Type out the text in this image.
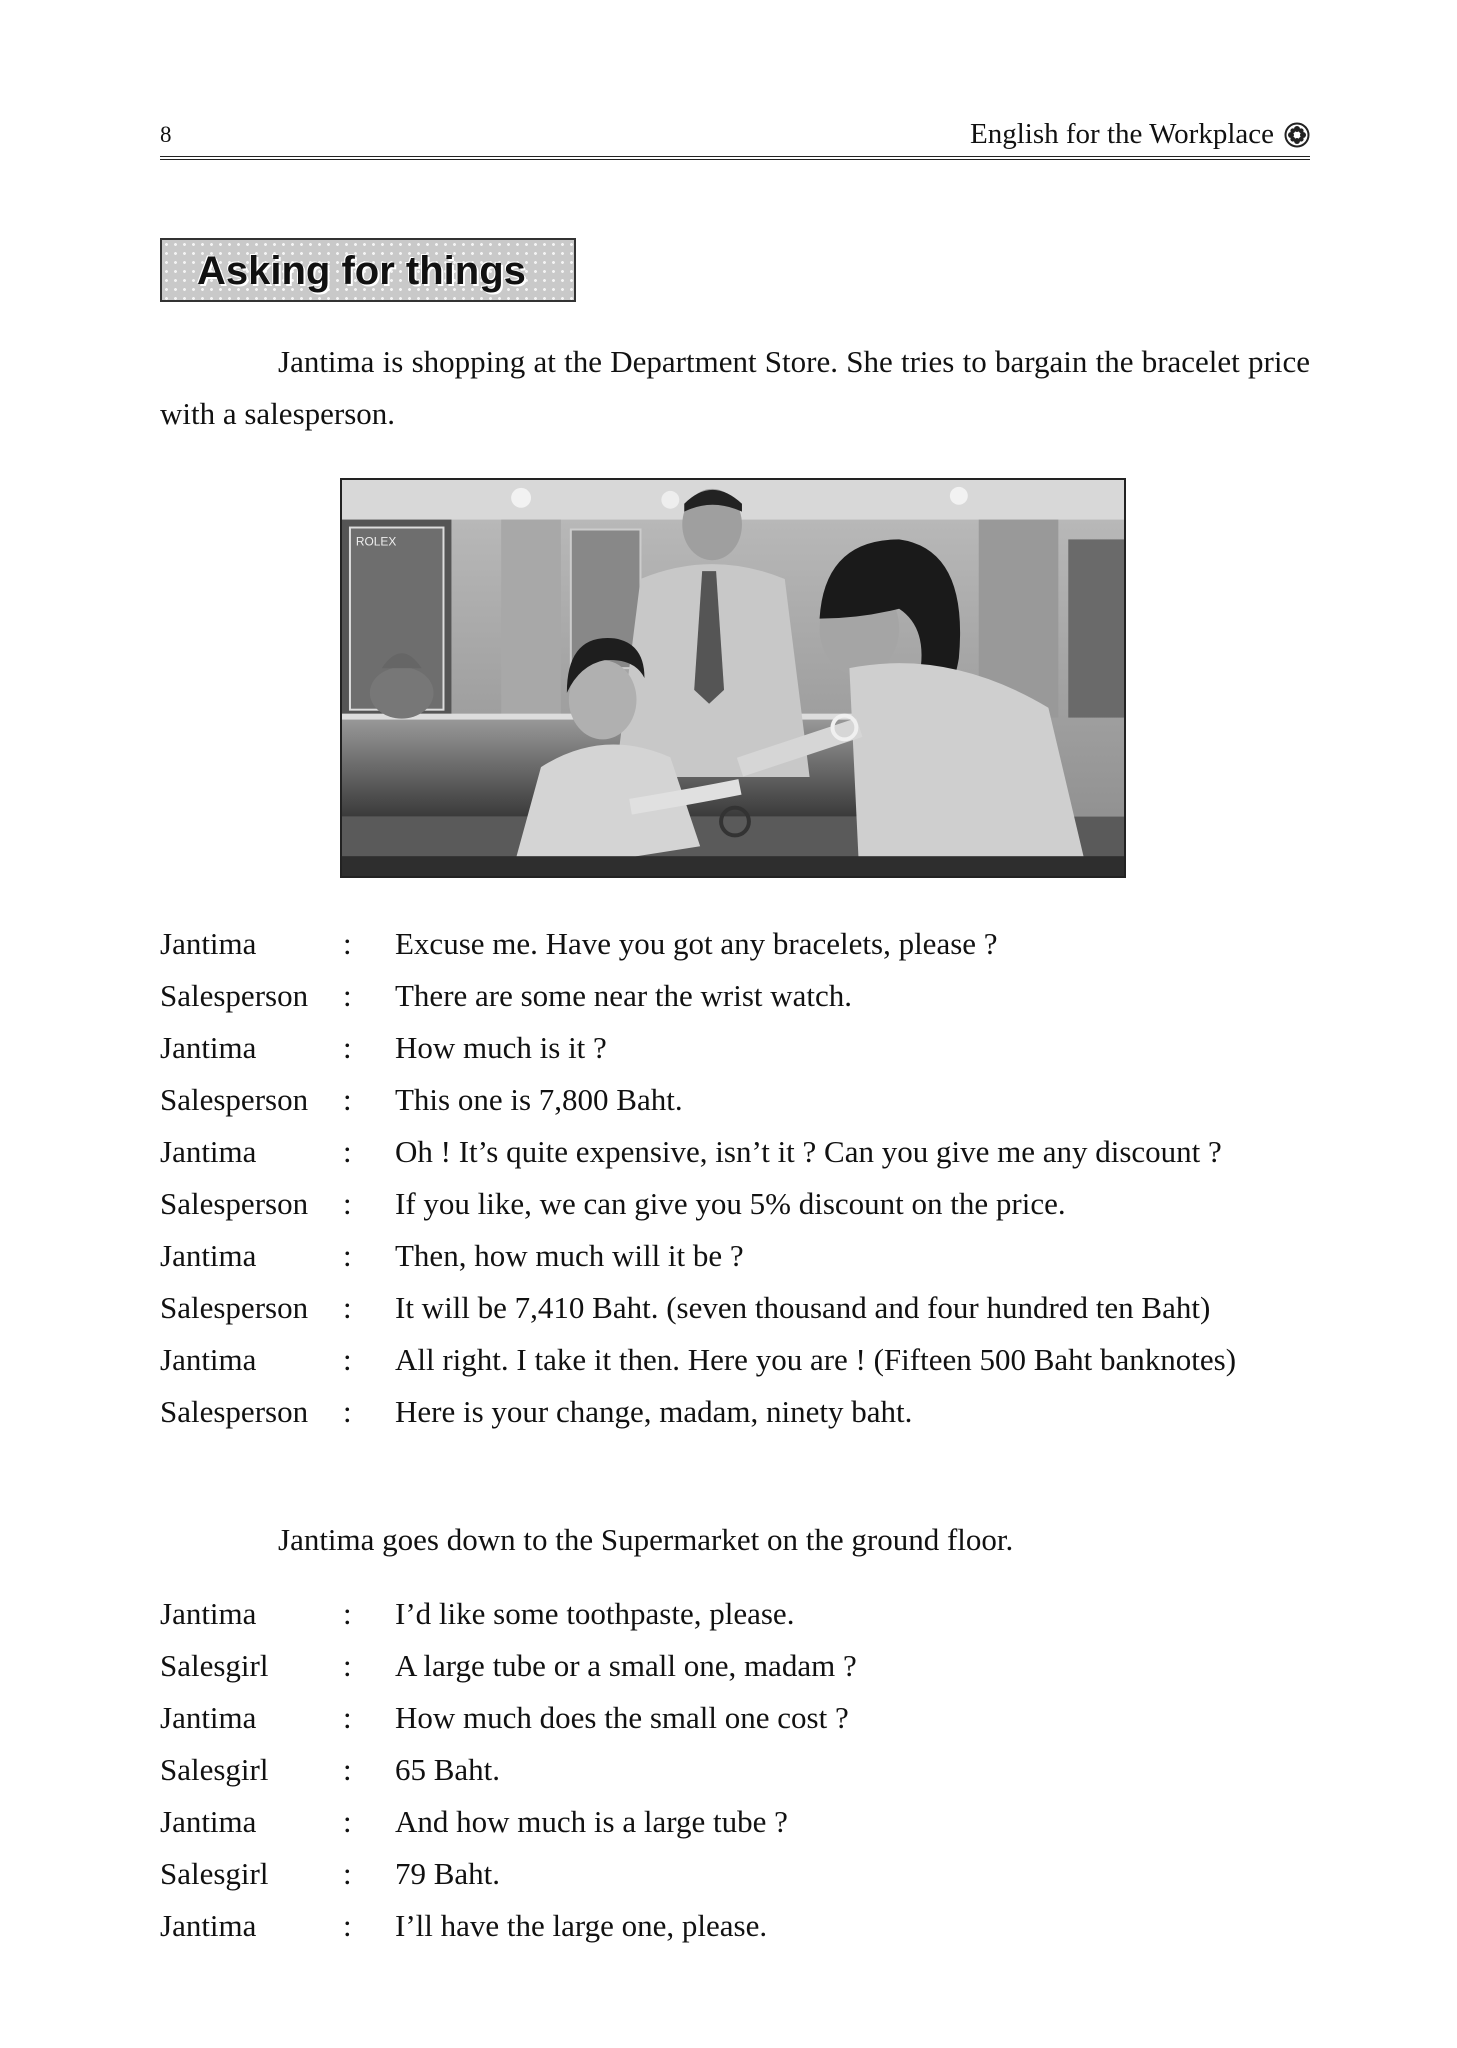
8	English for the Workplace
Asking for things

Jantima is shopping at the Department Store. She tries to bargain the bracelet price with a salesperson.

ROLEX
Jantima	:	Excuse me. Have you got any bracelets, please ?
Salesperson	:	There are some near the wrist watch.
Jantima	:	How much is it ?
Salesperson	:	This one is 7,800 Baht.
Jantima	:	Oh ! It’s quite expensive, isn’t it ? Can you give me any discount ?
Salesperson	:	If you like, we can give you 5% discount on the price.
Jantima	:	Then, how much will it be ?
Salesperson	:	It will be 7,410 Baht. (seven thousand and four hundred ten Baht)
Jantima	:	All right. I take it then. Here you are ! (Fifteen 500 Baht banknotes)
Salesperson	:	Here is your change, madam, ninety baht.

Jantima goes down to the Supermarket on the ground floor.

Jantima	:	I’d like some toothpaste, please.
Salesgirl	:	A large tube or a small one, madam ?
Jantima	:	How much does the small one cost ?
Salesgirl	:	65 Baht.
Jantima	:	And how much is a large tube ?
Salesgirl	:	79 Baht.
Jantima	:	I’ll have the large one, please.
